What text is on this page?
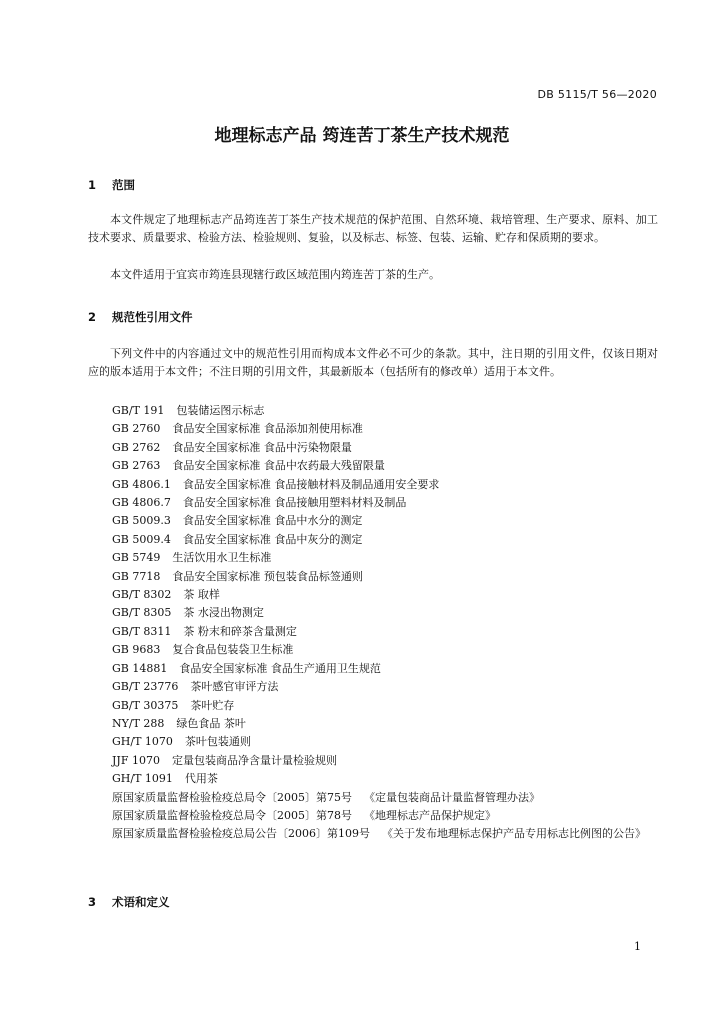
DB 5115/T 56—2020
地理标志产品 筠连苦丁茶生产技术规范
1 范围

本文件规定了地理标志产品筠连苦丁茶生产技术规范的保护范围、自然环境、栽培管理、生产要求、原料、加工技术要求、质量要求、检验方法、检验规则、复验，以及标志、标签、包装、运输、贮存和保质期的要求。

本文件适用于宜宾市筠连县现辖行政区域范围内筠连苦丁茶的生产。

2 规范性引用文件

下列文件中的内容通过文中的规范性引用而构成本文件必不可少的条款。其中，注日期的引用文件，仅该日期对应的版本适用于本文件；不注日期的引用文件，其最新版本（包括所有的修改单）适用于本文件。

GB/T 191 包装储运图示标志
GB 2760 食品安全国家标准 食品添加剂使用标准
GB 2762 食品安全国家标准 食品中污染物限量
GB 2763 食品安全国家标准 食品中农药最大残留限量
GB 4806.1 食品安全国家标准 食品接触材料及制品通用安全要求
GB 4806.7 食品安全国家标准 食品接触用塑料材料及制品
GB 5009.3 食品安全国家标准 食品中水分的测定
GB 5009.4 食品安全国家标准 食品中灰分的测定
GB 5749 生活饮用水卫生标准
GB 7718 食品安全国家标准 预包装食品标签通则
GB/T 8302 茶 取样
GB/T 8305 茶 水浸出物测定
GB/T 8311 茶 粉末和碎茶含量测定
GB 9683 复合食品包装袋卫生标准
GB 14881 食品安全国家标准 食品生产通用卫生规范
GB/T 23776 茶叶感官审评方法
GB/T 30375 茶叶贮存
NY/T 288 绿色食品 茶叶
GH/T 1070 茶叶包装通则
JJF 1070 定量包装商品净含量计量检验规则
GH/T 1091 代用茶
原国家质量监督检验检疫总局令〔2005〕第75号 《定量包装商品计量监督管理办法》
原国家质量监督检验检疫总局令〔2005〕第78号 《地理标志产品保护规定》
原国家质量监督检验检疫总局公告〔2006〕第109号 《关于发布地理标志保护产品专用标志比例图的公告》
3 术语和定义
1
